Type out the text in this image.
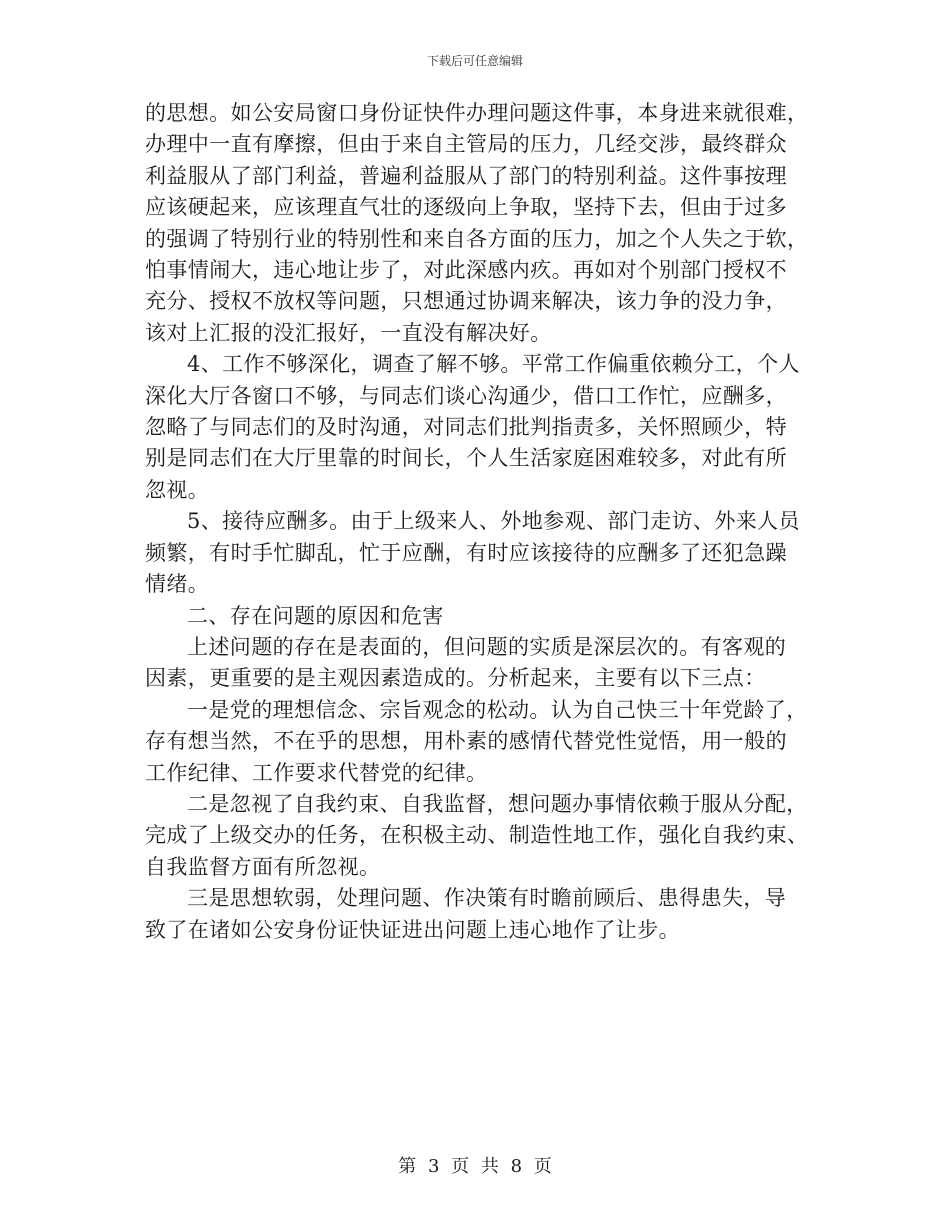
下载后可任意编辑
的思想。如公安局窗口身份证快件办理问题这件事，本身进来就很难，
办理中一直有摩擦，但由于来自主管局的压力，几经交涉，最终群众
利益服从了部门利益，普遍利益服从了部门的特别利益。这件事按理
应该硬起来，应该理直气壮的逐级向上争取，坚持下去，但由于过多
的强调了特别行业的特别性和来自各方面的压力，加之个人失之于软，
怕事情闹大，违心地让步了，对此深感内疚。再如对个别部门授权不
充分、授权不放权等问题，只想通过协调来解决，该力争的没力争，
该对上汇报的没汇报好，一直没有解决好。
4、工作不够深化，调查了解不够。平常工作偏重依赖分工，个人
深化大厅各窗口不够，与同志们谈心沟通少，借口工作忙，应酬多，
忽略了与同志们的及时沟通，对同志们批判指责多，关怀照顾少，特
别是同志们在大厅里靠的时间长，个人生活家庭困难较多，对此有所
忽视。
5、接待应酬多。由于上级来人、外地参观、部门走访、外来人员
频繁，有时手忙脚乱，忙于应酬，有时应该接待的应酬多了还犯急躁
情绪。
二、存在问题的原因和危害
上述问题的存在是表面的，但问题的实质是深层次的。有客观的
因素，更重要的是主观因素造成的。分析起来，主要有以下三点：
一是党的理想信念、宗旨观念的松动。认为自己快三十年党龄了，
存有想当然，不在乎的思想，用朴素的感情代替党性觉悟，用一般的
工作纪律、工作要求代替党的纪律。
二是忽视了自我约束、自我监督，想问题办事情依赖于服从分配，
完成了上级交办的任务，在积极主动、制造性地工作，强化自我约束、
自我监督方面有所忽视。
三是思想软弱，处理问题、作决策有时瞻前顾后、患得患失，导
致了在诸如公安身份证快证进出问题上违心地作了让步。
第 3 页 共 8 页
